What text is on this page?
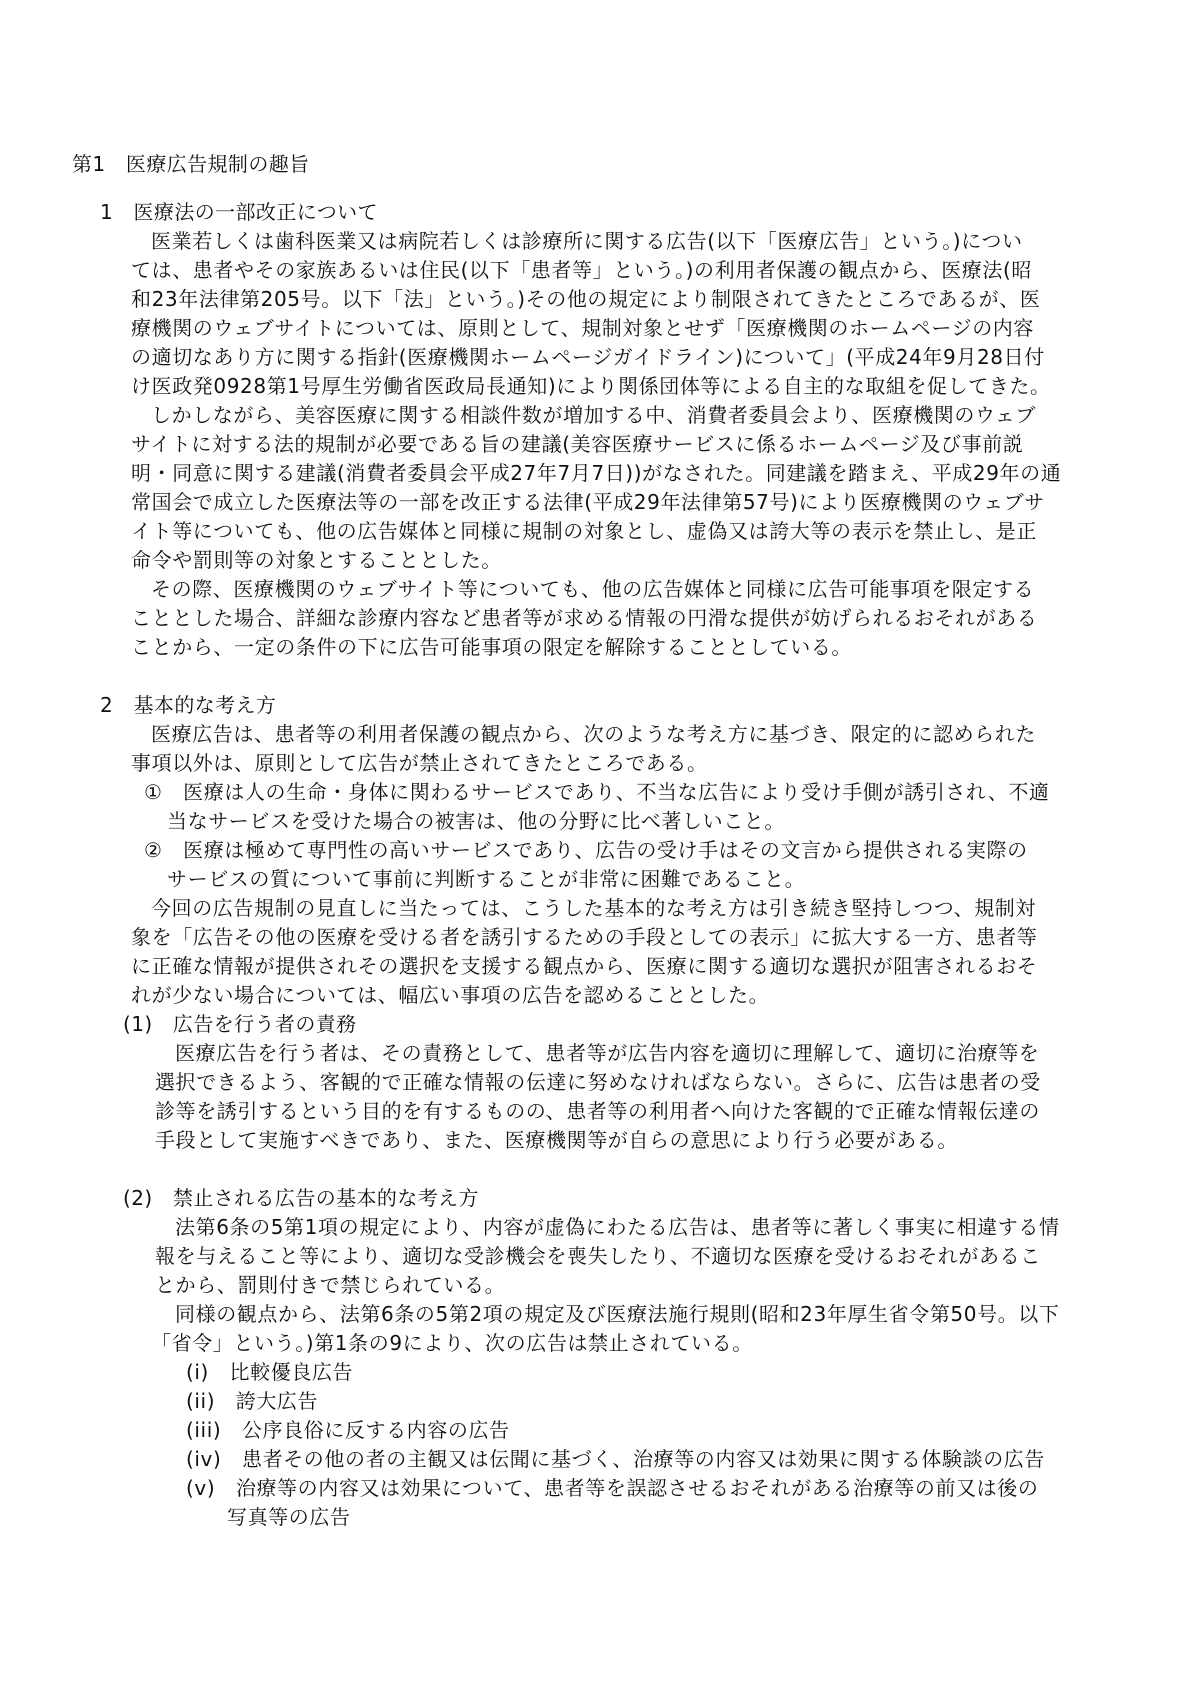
第1　医療広告規制の趣旨
1　医療法の一部改正について
医業若しくは歯科医業又は病院若しくは診療所に関する広告(以下「医療広告」という。)につい
ては、患者やその家族あるいは住民(以下「患者等」という。)の利用者保護の観点から、医療法(昭
和23年法律第205号。以下「法」という。)その他の規定により制限されてきたところであるが、医
療機関のウェブサイトについては、原則として、規制対象とせず「医療機関のホームページの内容
の適切なあり方に関する指針(医療機関ホームページガイドライン)について」(平成24年9月28日付
け医政発0928第1号厚生労働省医政局長通知)により関係団体等による自主的な取組を促してきた。
しかしながら、美容医療に関する相談件数が増加する中、消費者委員会より、医療機関のウェブ
サイトに対する法的規制が必要である旨の建議(美容医療サービスに係るホームページ及び事前説
明・同意に関する建議(消費者委員会平成27年7月7日))がなされた。同建議を踏まえ、平成29年の通
常国会で成立した医療法等の一部を改正する法律(平成29年法律第57号)により医療機関のウェブサ
イト等についても、他の広告媒体と同様に規制の対象とし、虚偽又は誇大等の表示を禁止し、是正
命令や罰則等の対象とすることとした。
その際、医療機関のウェブサイト等についても、他の広告媒体と同様に広告可能事項を限定する
こととした場合、詳細な診療内容など患者等が求める情報の円滑な提供が妨げられるおそれがある
ことから、一定の条件の下に広告可能事項の限定を解除することとしている。
2　基本的な考え方
医療広告は、患者等の利用者保護の観点から、次のような考え方に基づき、限定的に認められた
事項以外は、原則として広告が禁止されてきたところである。
①　医療は人の生命・身体に関わるサービスであり、不当な広告により受け手側が誘引され、不適
当なサービスを受けた場合の被害は、他の分野に比べ著しいこと。
②　医療は極めて専門性の高いサービスであり、広告の受け手はその文言から提供される実際の
サービスの質について事前に判断することが非常に困難であること。
今回の広告規制の見直しに当たっては、こうした基本的な考え方は引き続き堅持しつつ、規制対
象を「広告その他の医療を受ける者を誘引するための手段としての表示」に拡大する一方、患者等
に正確な情報が提供されその選択を支援する観点から、医療に関する適切な選択が阻害されるおそ
れが少ない場合については、幅広い事項の広告を認めることとした。
(1)　広告を行う者の責務
医療広告を行う者は、その責務として、患者等が広告内容を適切に理解して、適切に治療等を
選択できるよう、客観的で正確な情報の伝達に努めなければならない。さらに、広告は患者の受
診等を誘引するという目的を有するものの、患者等の利用者へ向けた客観的で正確な情報伝達の
手段として実施すべきであり、また、医療機関等が自らの意思により行う必要がある。
(2)　禁止される広告の基本的な考え方
法第6条の5第1項の規定により、内容が虚偽にわたる広告は、患者等に著しく事実に相違する情
報を与えること等により、適切な受診機会を喪失したり、不適切な医療を受けるおそれがあるこ
とから、罰則付きで禁じられている。
同様の観点から、法第6条の5第2項の規定及び医療法施行規則(昭和23年厚生省令第50号。以下
「省令」という。)第1条の9により、次の広告は禁止されている。
(i)　比較優良広告
(ii)　誇大広告
(iii)　公序良俗に反する内容の広告
(iv)　患者その他の者の主観又は伝聞に基づく、治療等の内容又は効果に関する体験談の広告
(v)　治療等の内容又は効果について、患者等を誤認させるおそれがある治療等の前又は後の
写真等の広告
